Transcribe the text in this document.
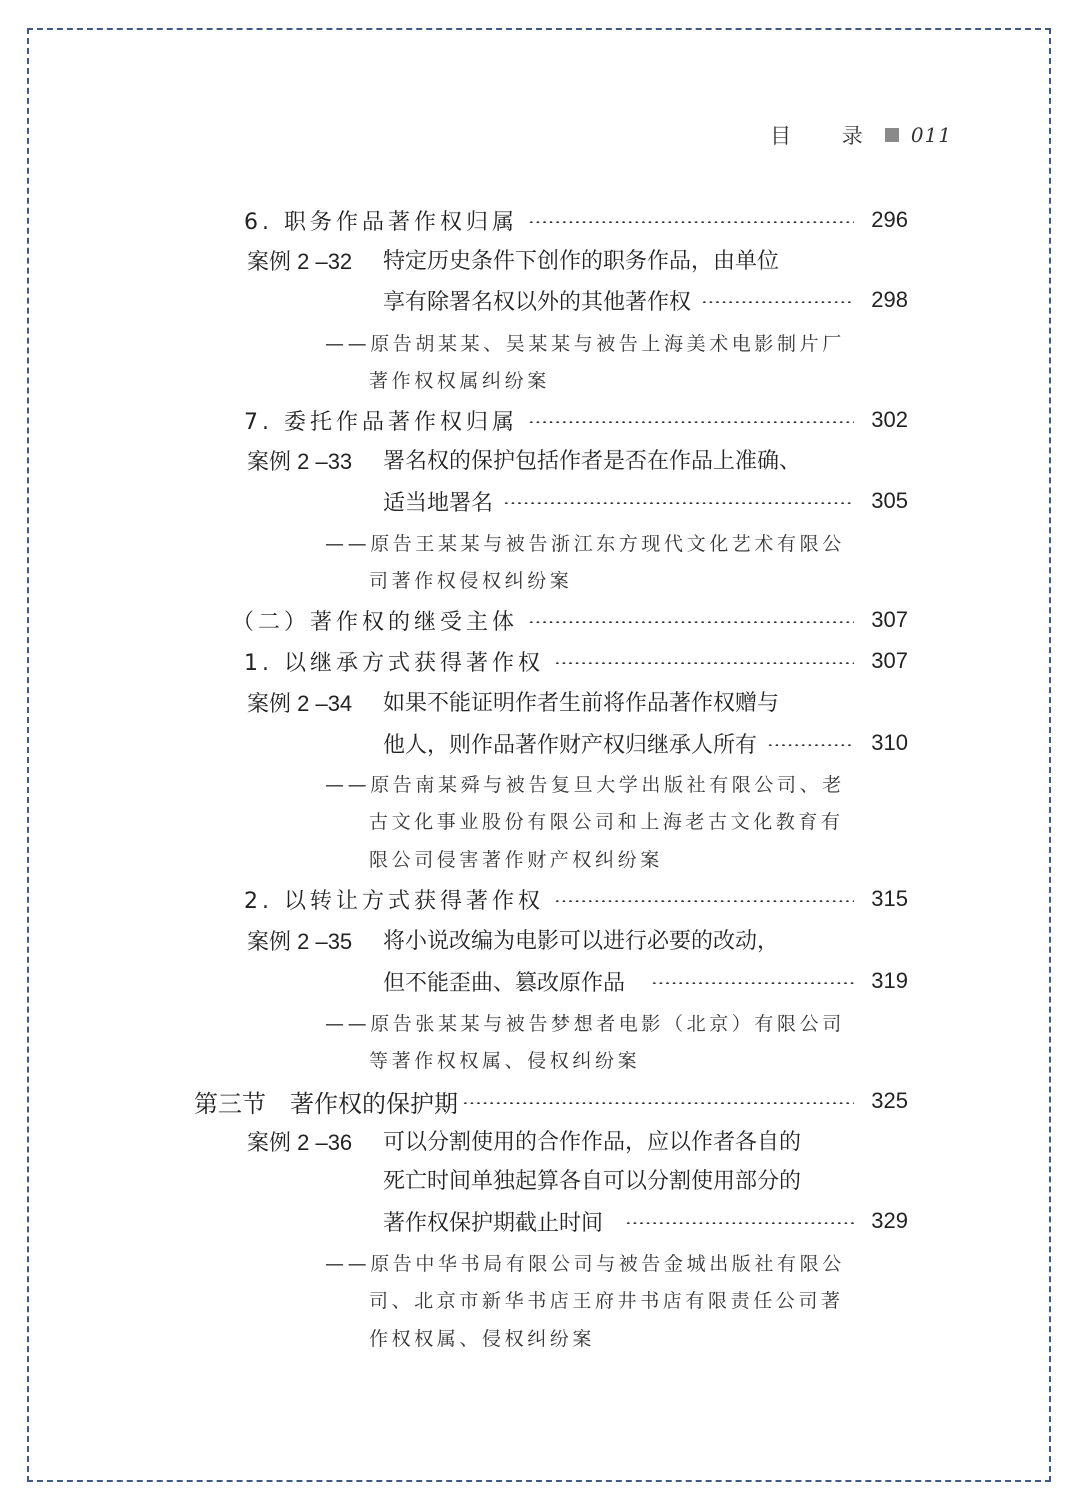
目 录 011
6. 职务作品著作权归属	296
案例 2 –32 特定历史条件下创作的职务作品，由单位
享有除署名权以外的其他著作权	298
——原告胡某某、吴某某与被告上海美术电影制片厂
著作权权属纠纷案
7. 委托作品著作权归属	302
案例 2 –33 署名权的保护包括作者是否在作品上准确、
适当地署名	305
——原告王某某与被告浙江东方现代文化艺术有限公
司著作权侵权纠纷案
（二）著作权的继受主体	307
1. 以继承方式获得著作权	307
案例 2 –34 如果不能证明作者生前将作品著作权赠与
他人，则作品著作财产权归继承人所有	310
——原告南某舜与被告复旦大学出版社有限公司、老
古文化事业股份有限公司和上海老古文化教育有
限公司侵害著作财产权纠纷案
2. 以转让方式获得著作权	315
案例 2 –35 将小说改编为电影可以进行必要的改动，
但不能歪曲、篡改原作品	319
——原告张某某与被告梦想者电影（北京）有限公司
等著作权权属、侵权纠纷案
第三节　著作权的保护期	325
案例 2 –36 可以分割使用的合作作品，应以作者各自的
死亡时间单独起算各自可以分割使用部分的
著作权保护期截止时间	329
——原告中华书局有限公司与被告金城出版社有限公
司、北京市新华书店王府井书店有限责任公司著
作权权属、侵权纠纷案
